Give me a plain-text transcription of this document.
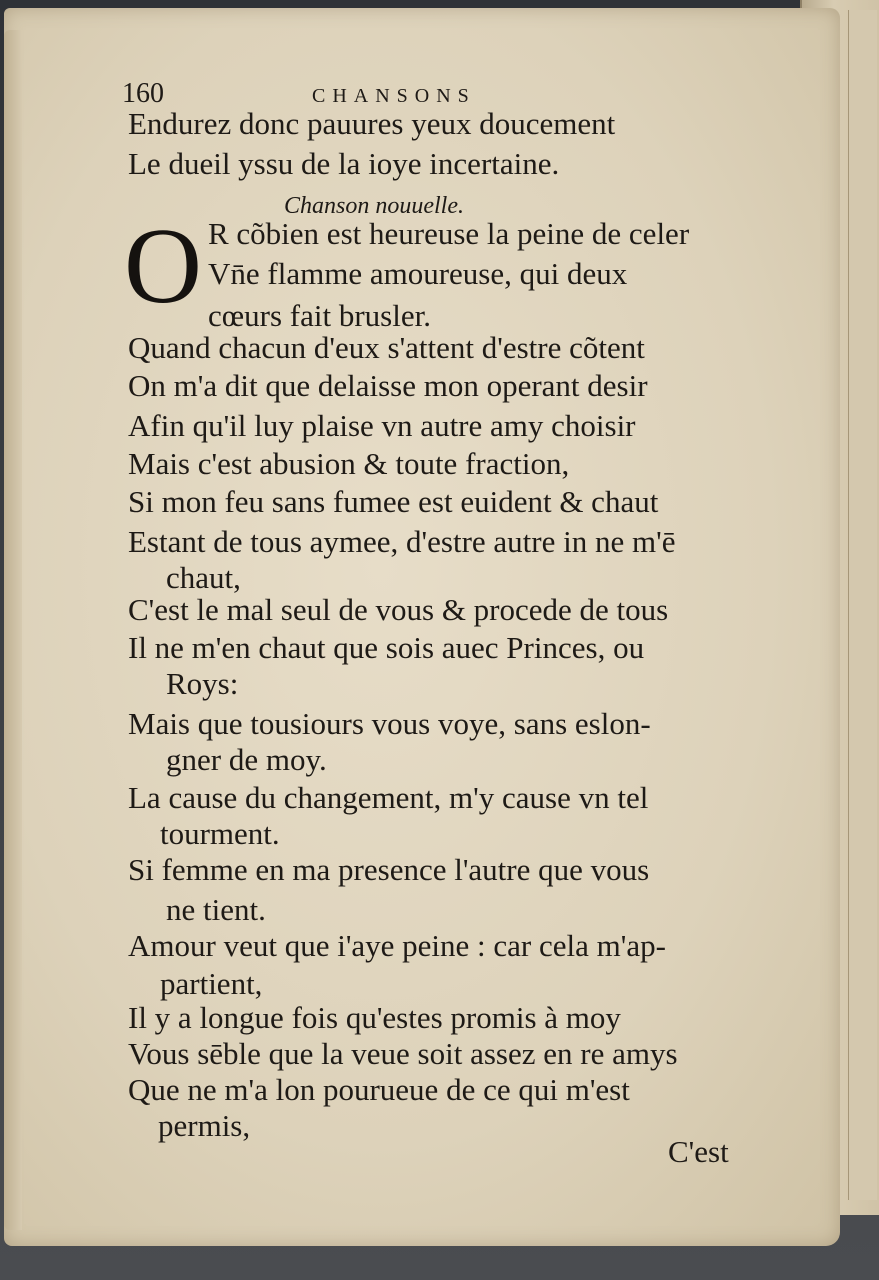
160	CHANSONS
Endurez donc pauures yeux doucement
Le dueil yssu de la ioye incertaine.
Chanson nouuelle.
O R cõbien est heureuse la peine de celer
Vn̄e flamme amoureuse, qui deux
cœurs fait brusler.
Quand chacun d'eux s'attent d'estre cõtent
On m'a dit que delaisse mon operant desir
Afin qu'il luy plaise vn autre amy choisir
Mais c'est abusion & toute fraction,
Si mon feu sans fumee est euident & chaut
Estant de tous aymee, d'estre autre in ne m'ē
chaut,
C'est le mal seul de vous & procede de tous
Il ne m'en chaut que sois auec Princes, ou
Roys:
Mais que tousiours vous voye, sans eslon-
gner de moy.
La cause du changement, m'y cause vn tel
tourment.
Si femme en ma presence l'autre que vous
ne tient.
Amour veut que i'aye peine : car cela m'ap-
partient,
Il y a longue fois qu'estes promis à moy
Vous sēble que la veue soit assez en re amys
Que ne m'a lon pourueue de ce qui m'est
permis,
C'est
